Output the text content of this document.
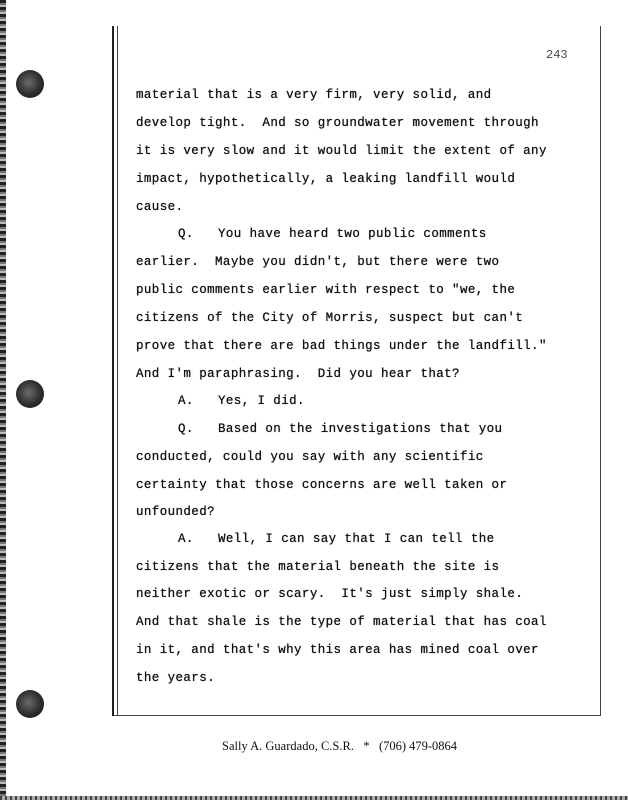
243
material that is a very firm, very solid, and
develop tight.  And so groundwater movement through
it is very slow and it would limit the extent of any
impact, hypothetically, a leaking landfill would
cause.
Q. You have heard two public comments
earlier.  Maybe you didn't, but there were two
public comments earlier with respect to "we, the
citizens of the City of Morris, suspect but can't
prove that there are bad things under the landfill."
And I'm paraphrasing.  Did you hear that?
A. Yes, I did.
Q. Based on the investigations that you
conducted, could you say with any scientific
certainty that those concerns are well taken or
unfounded?
A. Well, I can say that I can tell the
citizens that the material beneath the site is
neither exotic or scary.  It's just simply shale.
And that shale is the type of material that has coal
in it, and that's why this area has mined coal over
the years.
Sally A. Guardado, C.S.R.   *   (706) 479-0864
